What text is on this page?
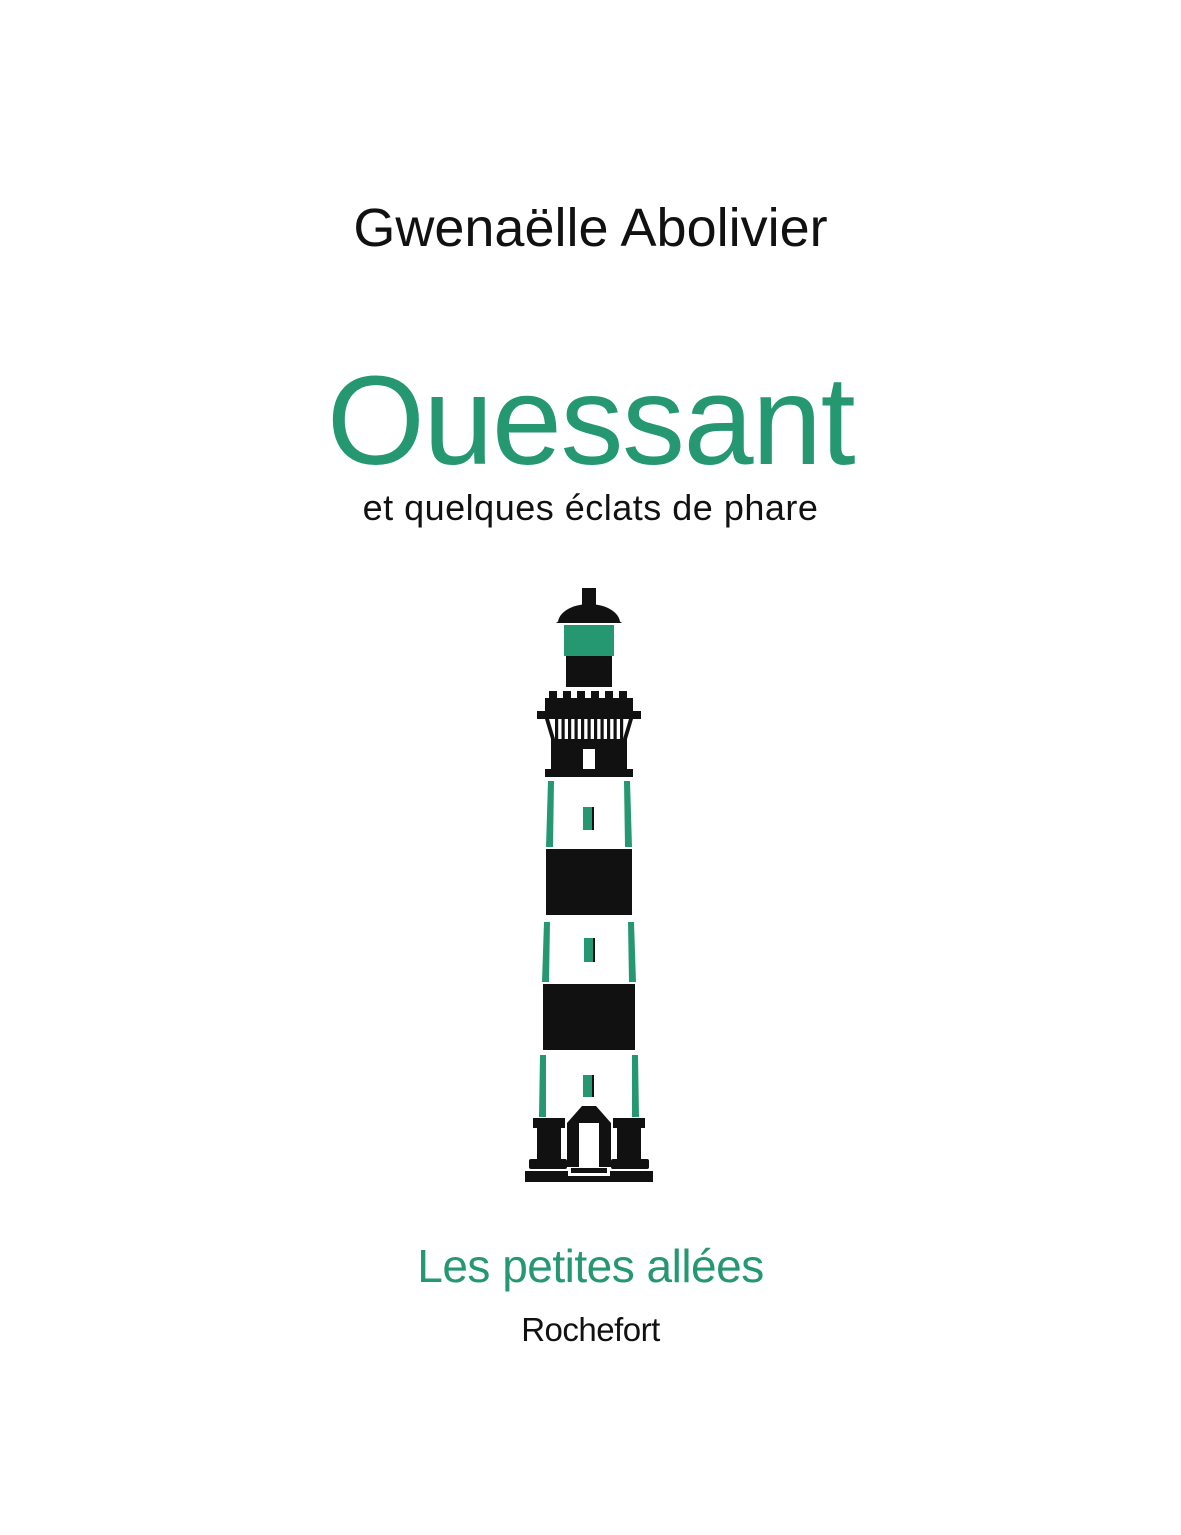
Gwenaëlle Abolivier
Ouessant
et quelques éclats de phare
Les petites allées
Rochefort
